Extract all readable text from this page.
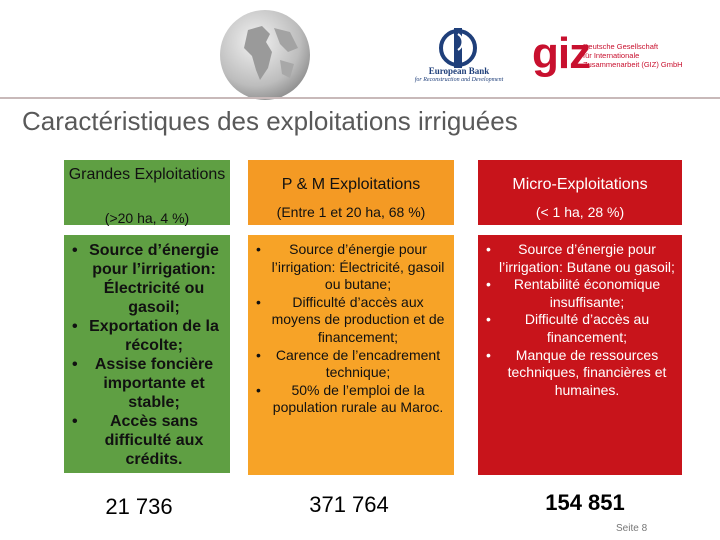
European Bank
for Reconstruction and Development
giz
Deutsche Gesellschaft
für Internationale
Zusammenarbeit (GIZ) GmbH
Caractéristiques des exploitations irriguées
Grandes Exploitations
(>20 ha, 4 %)
• Source d’énergie pour l’irrigation: Électricité ou gasoil;
• Exportation de la récolte;
• Assise foncière importante et stable;
• Accès sans difficulté aux crédits.
P & M Exploitations
(Entre 1 et 20 ha, 68 %)
• Source d’énergie pour l’irrigation: Électricité, gasoil ou butane;
• Difficulté d’accès aux moyens de production et de financement;
• Carence de l’encadrement technique;
• 50% de l’emploi de la population rurale au Maroc.
Micro-Exploitations
(< 1 ha, 28 %)
• Source d’énergie pour l’irrigation: Butane ou gasoil;
• Rentabilité économique insuffisante;
• Difficulté d’accès au financement;
• Manque de ressources techniques, financières et humaines.
21 736	371 764	154 851
Seite 8
